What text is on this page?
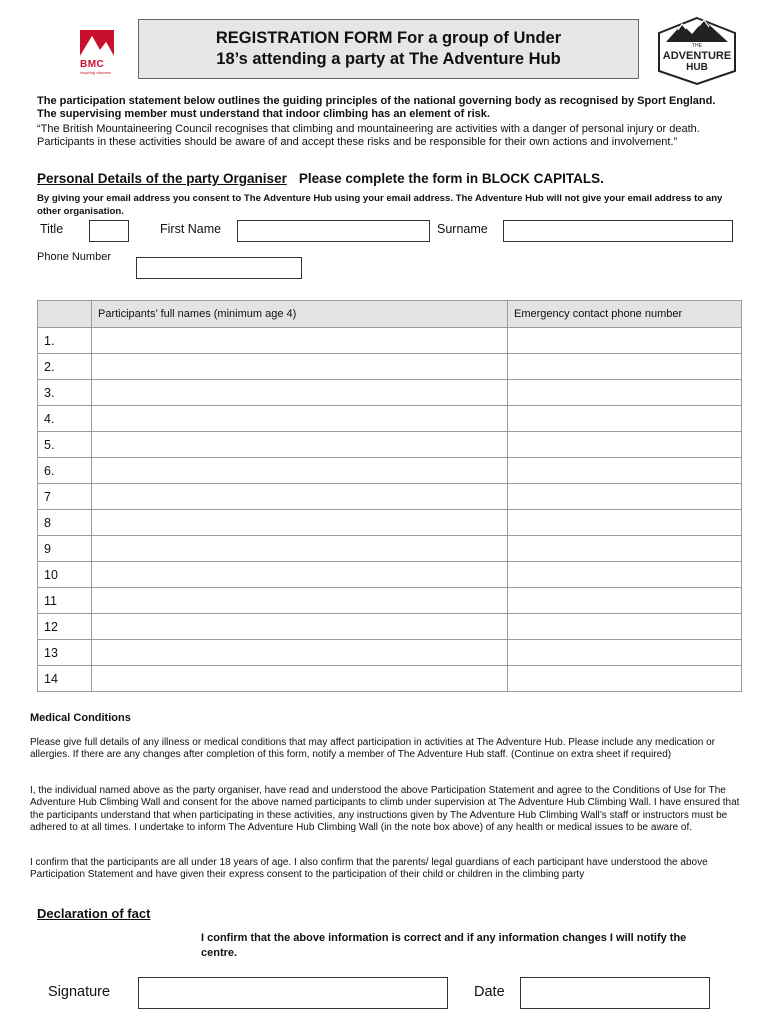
BMC
Inspiring climbers
REGISTRATION FORM For a group of Under
18’s attending a party at The Adventure Hub
THE
ADVENTURE
HUB
The participation statement below outlines the guiding principles of the national governing body as recognised by Sport England. The supervising member must understand that indoor climbing has an element of risk.
“The British Mountaineering Council recognises that climbing and mountaineering are activities with a danger of personal injury or death. Participants in these activities should be aware of and accept these risks and be responsible for their own actions and involvement.”
Personal Details of the party Organiser Please complete the form in BLOCK CAPITALS.
By giving your email address you consent to The Adventure Hub using your email address. The Adventure Hub will not give your email address to any other organisation.
Title	First Name	Surname
Phone Number
	Participants’ full names (minimum age 4)	Emergency contact phone number
1.		
2.		
3.		
4.		
5.		
6.		
7		
8		
9		
10		
11		
12		
13		
14		
Medical Conditions
Please give full details of any illness or medical conditions that may affect participation in activities at The Adventure Hub. Please include any medication or allergies. If there are any changes after completion of this form, notify a member of The Adventure Hub staff. (Continue on extra sheet if required)
I, the individual named above as the party organiser, have read and understood the above Participation Statement and agree to the Conditions of Use for The Adventure Hub Climbing Wall and consent for the above named participants to climb under supervision at The Adventure Hub Climbing Wall. I have ensured that the participants understand that when participating in these activities, any instructions given by The Adventure Hub Climbing Wall’s staff or instructors must be adhered to at all times. I undertake to inform The Adventure Hub Climbing Wall (in the note box above) of any health or medical issues to be aware of.
I confirm that the participants are all under 18 years of age. I also confirm that the parents/ legal guardians of each participant have understood the above Participation Statement and have given their express consent to the participation of their child or children in the climbing party
Declaration of fact
I confirm that the above information is correct and if any information changes I will notify the centre.
Signature	Date
